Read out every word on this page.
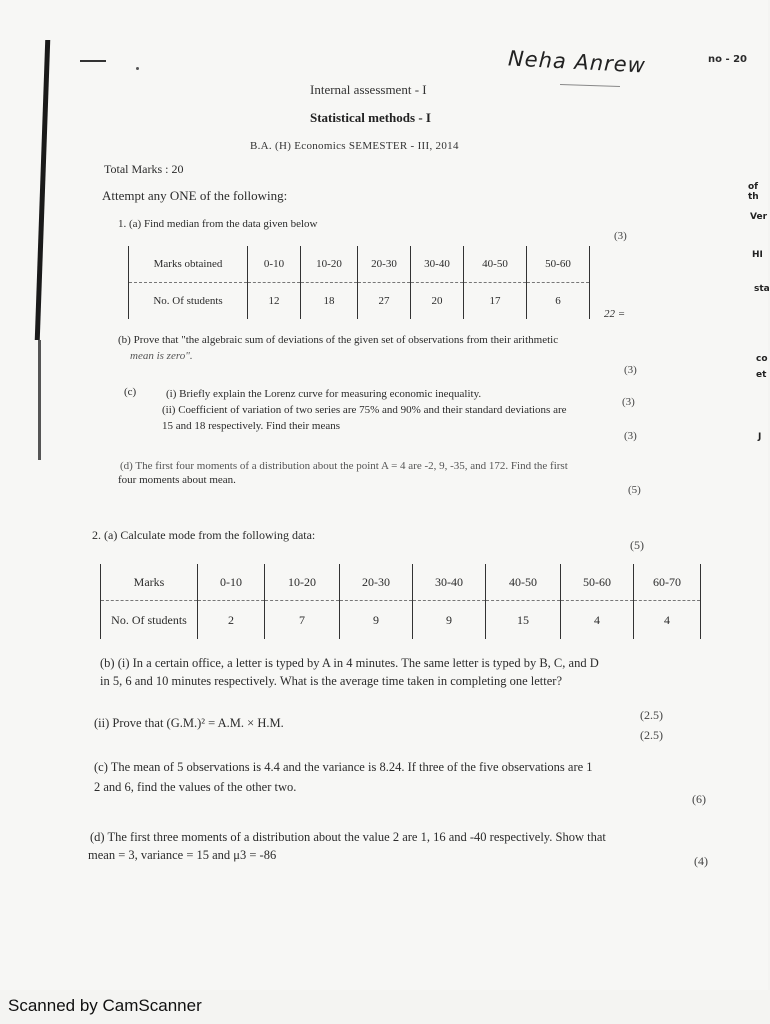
Neha Anrew	no - 20
Internal assessment - I
Statistical methods - I
B.A. (H) Economics SEMESTER - III, 2014
Total Marks : 20
Attempt any ONE of the following:
of th
Ver
HI
sta
co
et
J
1. (a) Find median from the data given below
(3)
Marks obtained	0-10	10-20	20-30	30-40	40-50	50-60
No. Of students	12	18	27	20	17	6
22 =
(b) Prove that "the algebraic sum of deviations of the given set of observations from their arithmetic
mean is zero".
(3)
(c)	(i) Briefly explain the Lorenz curve for measuring economic inequality.
(3)
(ii) Coefficient of variation of two series are 75% and 90% and their standard deviations are
15 and 18 respectively. Find their means
(3)
(d) The first four moments of a distribution about the point A = 4 are -2, 9, -35, and 172. Find the first
four moments about mean.
(5)
2. (a) Calculate mode from the following data:
(5)
Marks	0-10	10-20	20-30	30-40	40-50	50-60	60-70
No. Of students	2	7	9	9	15	4	4
(b) (i) In a certain office, a letter is typed by A in 4 minutes. The same letter is typed by B, C, and D
in 5, 6 and 10 minutes respectively. What is the average time taken in completing one letter?
(2.5)
(ii) Prove that (G.M.)² = A.M. × H.M.
(2.5)
(c) The mean of 5 observations is 4.4 and the variance is 8.24. If three of the five observations are 1
2 and 6, find the values of the other two.
(6)
(d) The first three moments of a distribution about the value 2 are 1, 16 and -40 respectively. Show that
mean = 3, variance = 15 and μ3 = -86	(4)
Scanned by CamScanner
